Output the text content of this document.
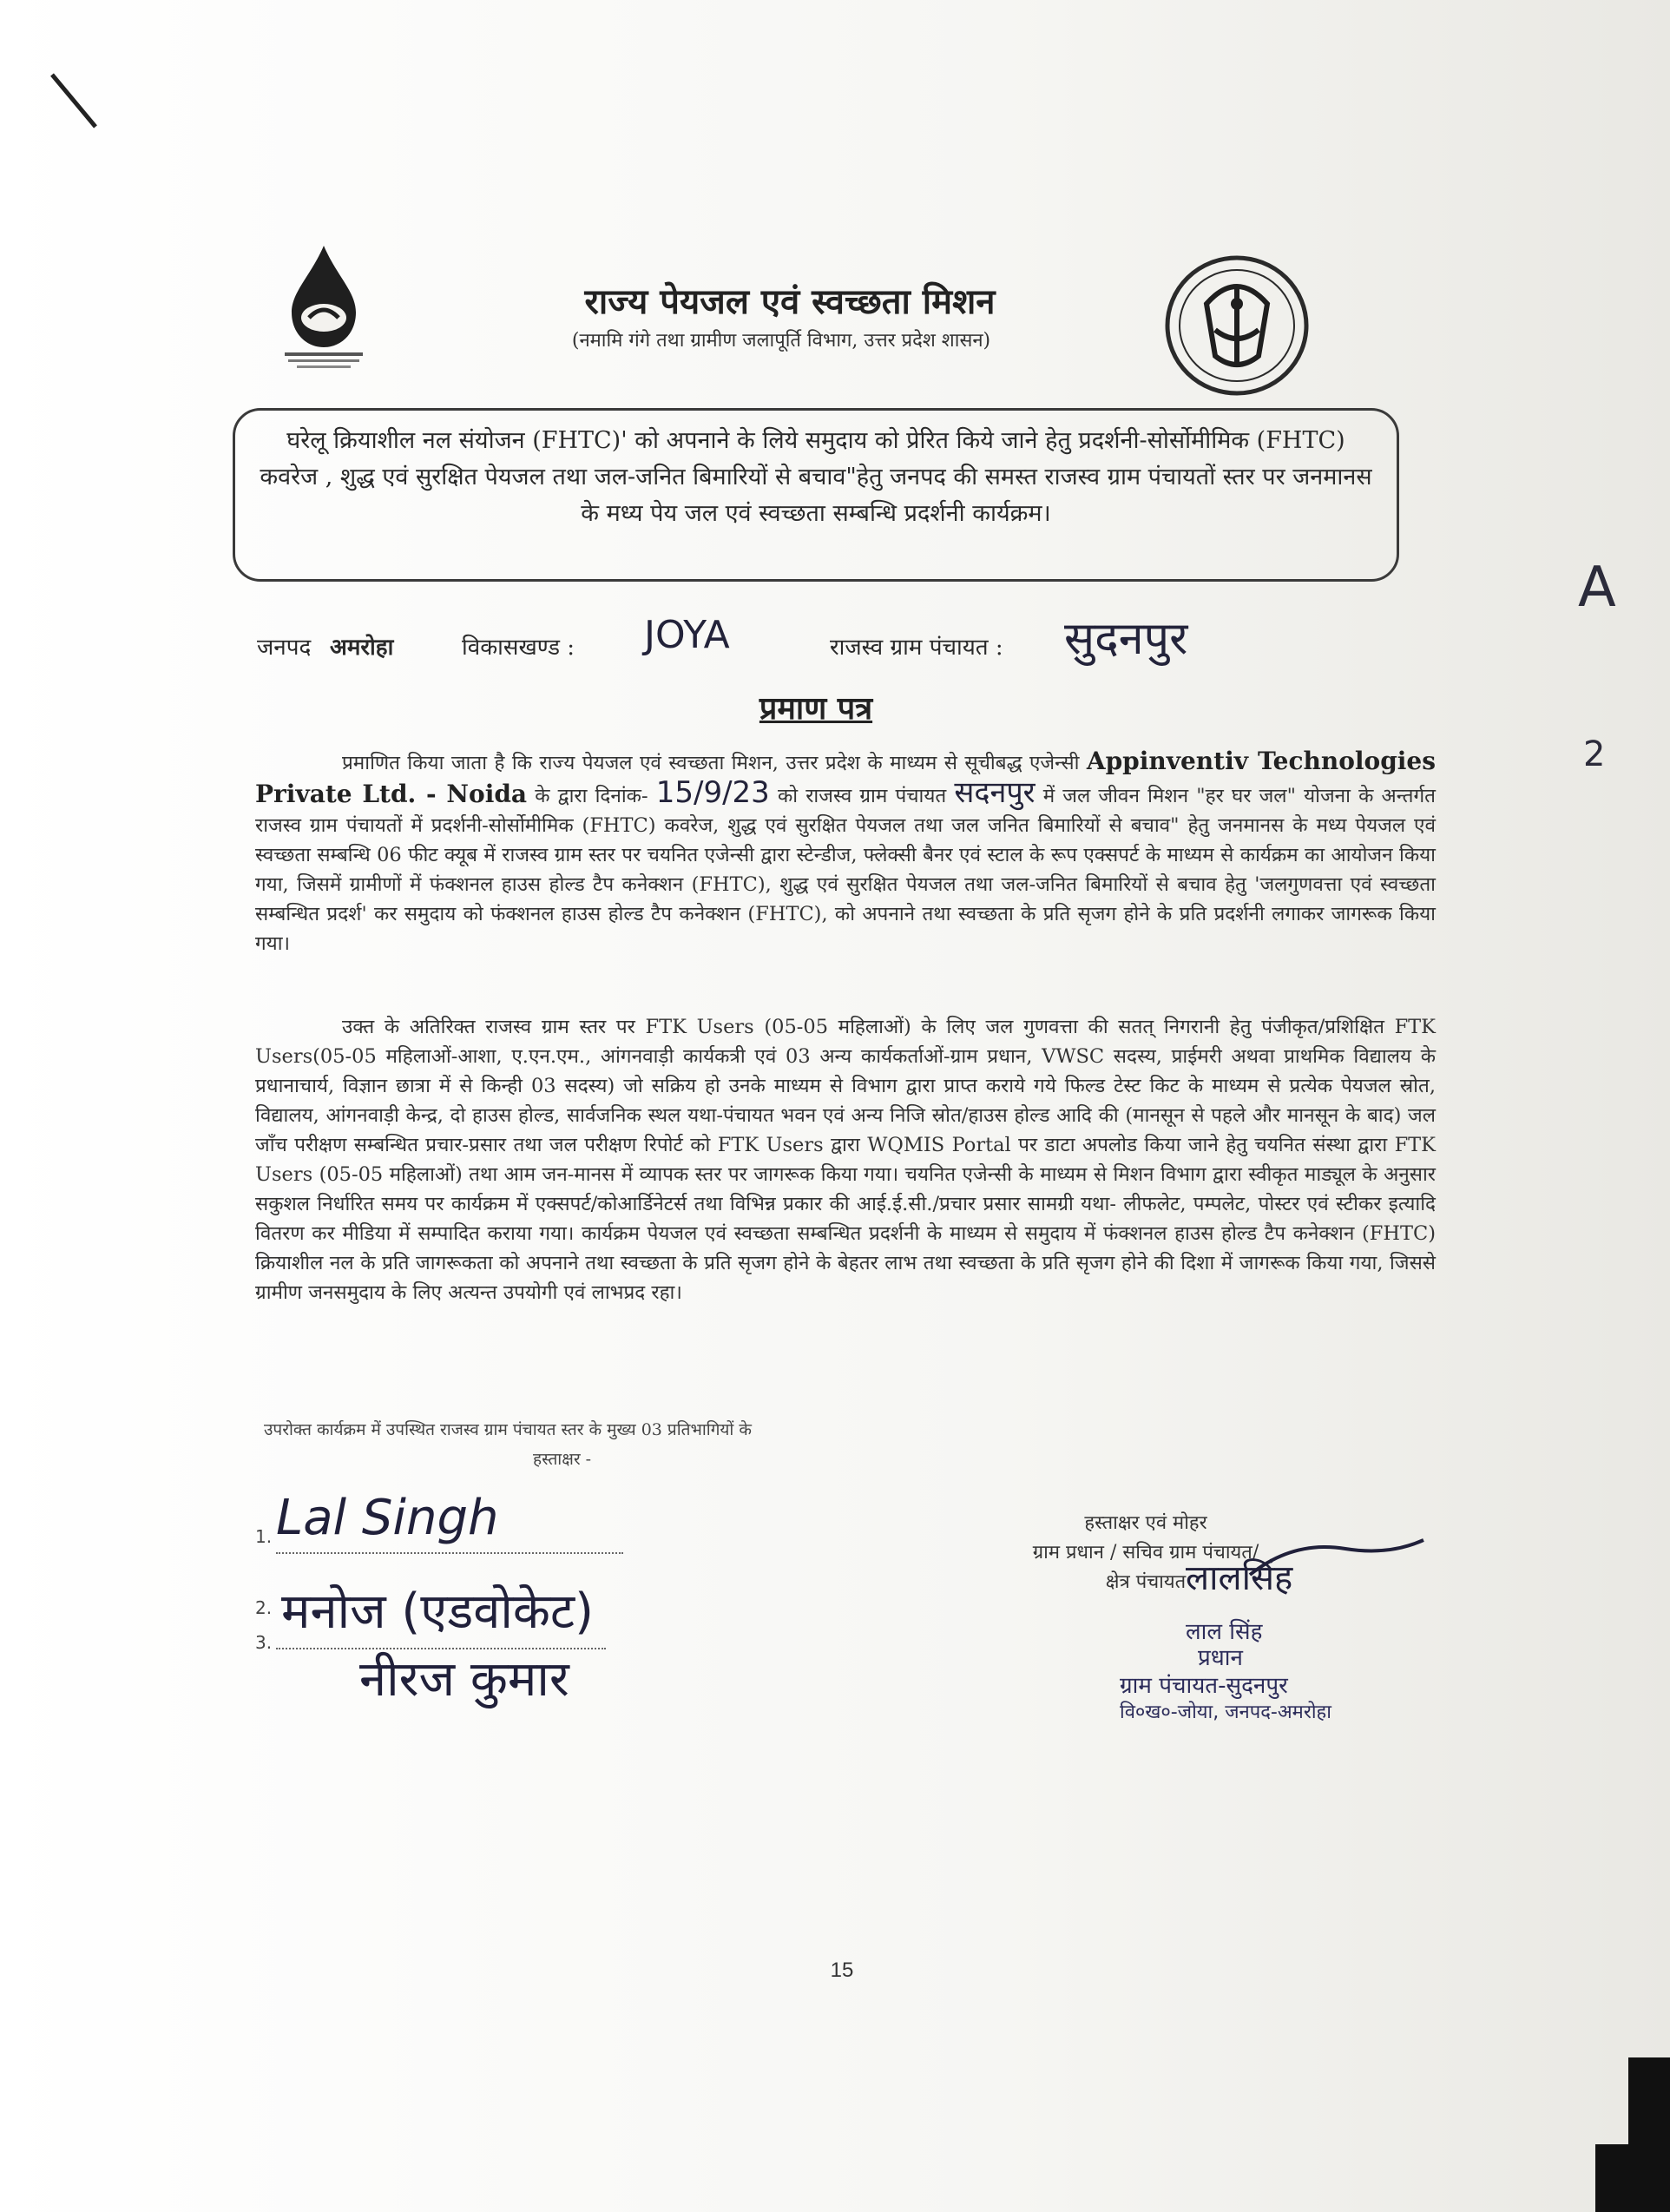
राज्य पेयजल एवं स्वच्छता मिशन
(नमामि गंगे तथा ग्रामीण जलापूर्ति विभाग, उत्तर प्रदेश शासन)
घरेलू क्रियाशील नल संयोजन (FHTC)' को अपनाने के लिये समुदाय को प्रेरित किये जाने हेतु प्रदर्शनी-सोर्सोमीमिक (FHTC) कवरेज , शुद्ध एवं सुरक्षित पेयजल तथा जल-जनित बिमारियों से बचाव"हेतु जनपद की समस्त राजस्व ग्राम पंचायतों स्तर पर जनमानस के मध्य पेय जल एवं स्वच्छता सम्बन्धि प्रदर्शनी कार्यक्रम।
जनपद अमरोहा	विकासखण्ड : JOYA	राजस्व ग्राम पंचायत : सुदनपुर
प्रमाण पत्र
प्रमाणित किया जाता है कि राज्य पेयजल एवं स्वच्छता मिशन, उत्तर प्रदेश के माध्यम से सूचीबद्ध एजेन्सी Appinventiv Technologies Private Ltd. - Noida के द्वारा दिनांक- 15/9/23 को राजस्व ग्राम पंचायत सदनपुर में जल जीवन मिशन "हर घर जल" योजना के अन्तर्गत राजस्व ग्राम पंचायतों में प्रदर्शनी-सोर्सोमीमिक (FHTC) कवरेज, शुद्ध एवं सुरक्षित पेयजल तथा जल जनित बिमारियों से बचाव" हेतु जनमानस के मध्य पेयजल एवं स्वच्छता सम्बन्धि 06 फीट क्यूब में राजस्व ग्राम स्तर पर चयनित एजेन्सी द्वारा स्टेन्डीज, फ्लेक्सी बैनर एवं स्टाल के रूप एक्सपर्ट के माध्यम से कार्यक्रम का आयोजन किया गया, जिसमें ग्रामीणों में फंक्शनल हाउस होल्ड टैप कनेक्शन (FHTC), शुद्ध एवं सुरक्षित पेयजल तथा जल-जनित बिमारियों से बचाव हेतु 'जलगुणवत्ता एवं स्वच्छता सम्बन्धित प्रदर्श' कर समुदाय को फंक्शनल हाउस होल्ड टैप कनेक्शन (FHTC), को अपनाने तथा स्वच्छता के प्रति सृजग होने के प्रति प्रदर्शनी लगाकर जागरूक किया गया।
उक्त के अतिरिक्त राजस्व ग्राम स्तर पर FTK Users (05-05 महिलाओं) के लिए जल गुणवत्ता की सतत् निगरानी हेतु पंजीकृत/प्रशिक्षित FTK Users(05-05 महिलाओं-आशा, ए.एन.एम., आंगनवाड़ी कार्यकत्री एवं 03 अन्य कार्यकर्ताओं-ग्राम प्रधान, VWSC सदस्य, प्राईमरी अथवा प्राथमिक विद्यालय के प्रधानाचार्य, विज्ञान छात्रा में से किन्ही 03 सदस्य) जो सक्रिय हो उनके माध्यम से विभाग द्वारा प्राप्त कराये गये फिल्ड टेस्ट किट के माध्यम से प्रत्येक पेयजल स्रोत, विद्यालय, आंगनवाड़ी केन्द्र, दो हाउस होल्ड, सार्वजनिक स्थल यथा-पंचायत भवन एवं अन्य निजि स्रोत/हाउस होल्ड आदि की (मानसून से पहले और मानसून के बाद) जल जाँच परीक्षण सम्बन्धित प्रचार-प्रसार तथा जल परीक्षण रिपोर्ट को FTK Users द्वारा WQMIS Portal पर डाटा अपलोड किया जाने हेतु चयनित संस्था द्वारा FTK Users (05-05 महिलाओं) तथा आम जन-मानस में व्यापक स्तर पर जागरूक किया गया। चयनित एजेन्सी के माध्यम से मिशन विभाग द्वारा स्वीकृत माड्यूल के अनुसार सकुशल निर्धारित समय पर कार्यक्रम में एक्सपर्ट/कोआर्डिनेटर्स तथा विभिन्न प्रकार की आई.ई.सी./प्रचार प्रसार सामग्री यथा- लीफलेट, पम्पलेट, पोस्टर एवं स्टीकर इत्यादि वितरण कर मीडिया में सम्पादित कराया गया। कार्यक्रम पेयजल एवं स्वच्छता सम्बन्धित प्रदर्शनी के माध्यम से समुदाय में फंक्शनल हाउस होल्ड टैप कनेक्शन (FHTC) क्रियाशील नल के प्रति जागरूकता को अपनाने तथा स्वच्छता के प्रति सृजग होने के बेहतर लाभ तथा स्वच्छता के प्रति सृजग होने की दिशा में जागरूक किया गया, जिससे ग्रामीण जनसमुदाय के लिए अत्यन्त उपयोगी एवं लाभप्रद रहा।
उपरोक्त कार्यक्रम में उपस्थित राजस्व ग्राम पंचायत स्तर के मुख्य 03 प्रतिभागियों के
हस्ताक्षर -
1. Lal Singh
2. मनोज (एडवोकेट)
3.
नीरज कुमार
हस्ताक्षर एवं मोहर
ग्राम प्रधान / सचिव ग्राम पंचायत/
क्षेत्र पंचायत लालसिंह
लाल सिंह
प्रधान
ग्राम पंचायत-सुदनपुर
वि०ख०-जोया, जनपद-अमरोहा
A
2
15
